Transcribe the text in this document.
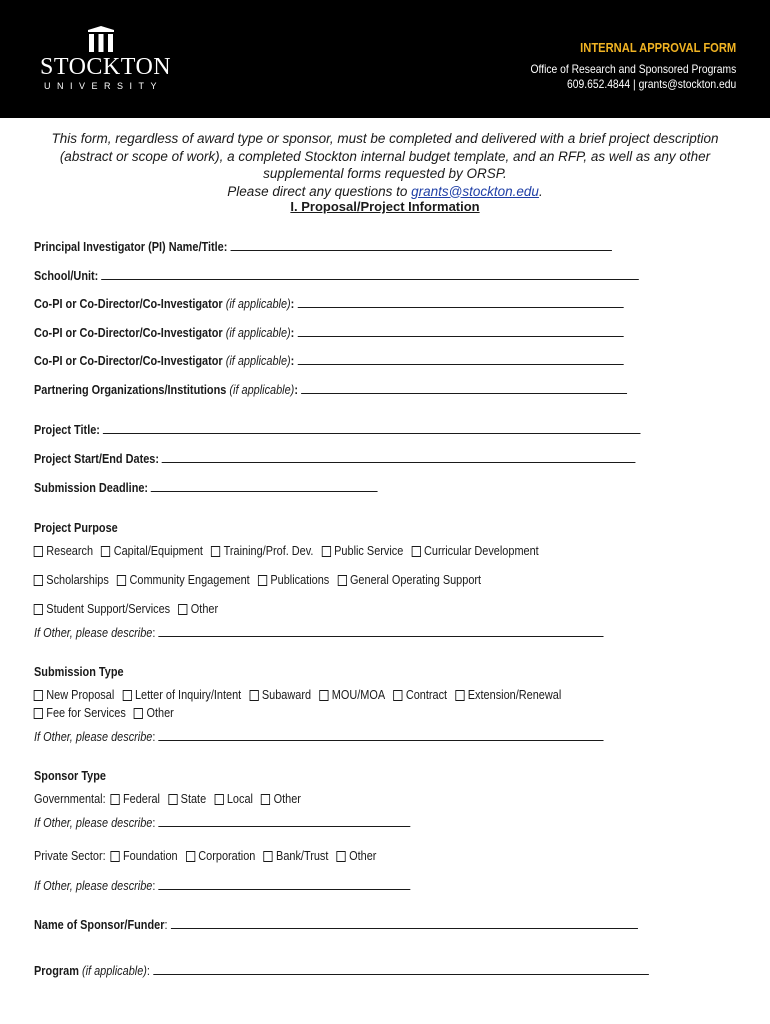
STOCKTON
UNIVERSITY
INTERNAL APPROVAL FORM
Office of Research and Sponsored Programs
609.652.4844 | grants@stockton.edu
This form, regardless of award type or sponsor, must be completed and delivered with a brief project description (abstract or scope of work), a completed Stockton internal budget template, and an RFP, as well as any other supplemental forms requested by ORSP.
Please direct any questions to grants@stockton.edu.
I. Proposal/Project Information
Principal Investigator (PI) Name/Title:
School/Unit:
Co-PI or Co-Director/Co-Investigator (if applicable):
Co-PI or Co-Director/Co-Investigator (if applicable):
Co-PI or Co-Director/Co-Investigator (if applicable):
Partnering Organizations/Institutions (if applicable):
Project Title:
Project Start/End Dates:
Submission Deadline:
Project Purpose
Research Capital/Equipment Training/Prof. Dev. Public Service Curricular Development
Scholarships Community Engagement Publications General Operating Support
Student Support/Services Other
If Other, please describe:
Submission Type
New Proposal Letter of Inquiry/Intent Subaward MOU/MOA Contract Extension/Renewal
Fee for Services Other
If Other, please describe:
Sponsor Type
Governmental: Federal State Local Other
If Other, please describe:
Private Sector: Foundation Corporation Bank/Trust Other
If Other, please describe:
Name of Sponsor/Funder:
Program (if applicable):
